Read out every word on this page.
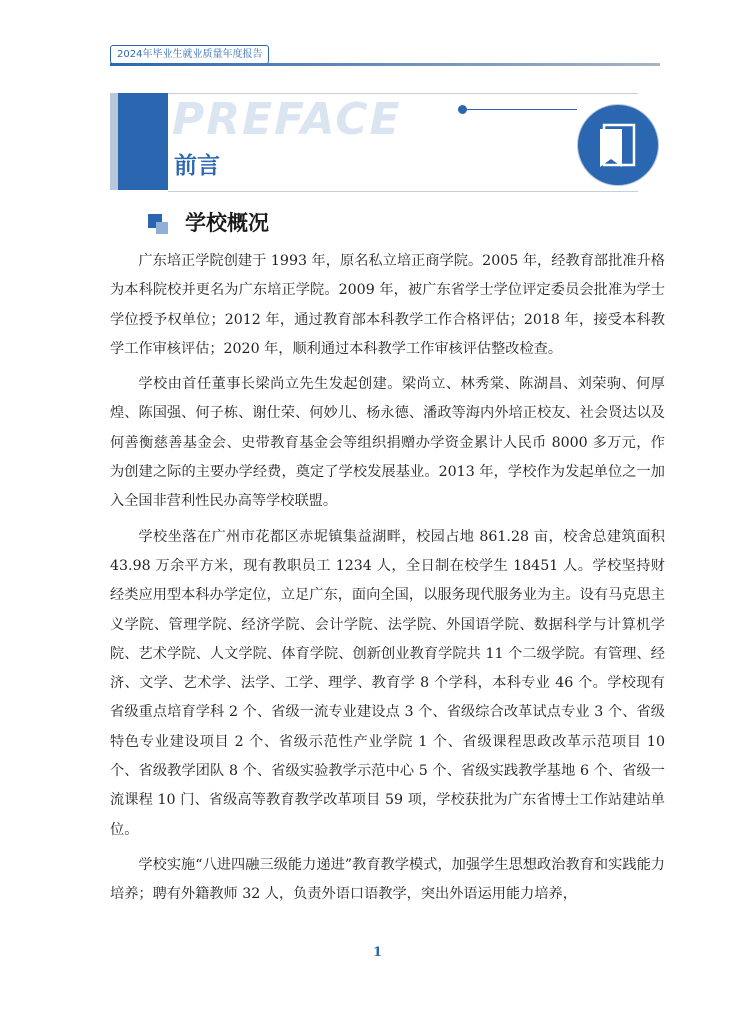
2024年毕业生就业质量年度报告
PREFACE
前言
学校概况

广东培正学院创建于 1993 年，原名私立培正商学院。2005 年，经教育部批准升格为本科院校并更名为广东培正学院。2009 年，被广东省学士学位评定委员会批准为学士学位授予权单位；2012 年，通过教育部本科教学工作合格评估；2018 年，接受本科教学工作审核评估；2020 年，顺利通过本科教学工作审核评估整改检查。

学校由首任董事长梁尚立先生发起创建。梁尚立、林秀棠、陈湖昌、刘荣驹、何厚煌、陈国强、何子栋、谢仕荣、何妙儿、杨永德、潘政等海内外培正校友、社会贤达以及何善衡慈善基金会、史带教育基金会等组织捐赠办学资金累计人民币 8000 多万元，作为创建之际的主要办学经费，奠定了学校发展基业。2013 年，学校作为发起单位之一加入全国非营利性民办高等学校联盟。

学校坐落在广州市花都区赤坭镇集益湖畔，校园占地 861.28 亩，校舍总建筑面积 43.98 万余平方米，现有教职员工 1234 人，全日制在校学生 18451 人。学校坚持财经类应用型本科办学定位，立足广东，面向全国，以服务现代服务业为主。设有马克思主义学院、管理学院、经济学院、会计学院、法学院、外国语学院、数据科学与计算机学院、艺术学院、人文学院、体育学院、创新创业教育学院共 11 个二级学院。有管理、经济、文学、艺术学、法学、工学、理学、教育学 8 个学科，本科专业 46 个。学校现有省级重点培育学科 2 个、省级一流专业建设点 3 个、省级综合改革试点专业 3 个、省级特色专业建设项目 2 个、省级示范性产业学院 1 个、省级课程思政改革示范项目 10 个、省级教学团队 8 个、省级实验教学示范中心 5 个、省级实践教学基地 6 个、省级一流课程 10 门、省级高等教育教学改革项目 59 项，学校获批为广东省博士工作站建站单位。

学校实施“八进四融三级能力递进”教育教学模式，加强学生思想政治教育和实践能力培养；聘有外籍教师 32 人，负责外语口语教学，突出外语运用能力培养，

1
